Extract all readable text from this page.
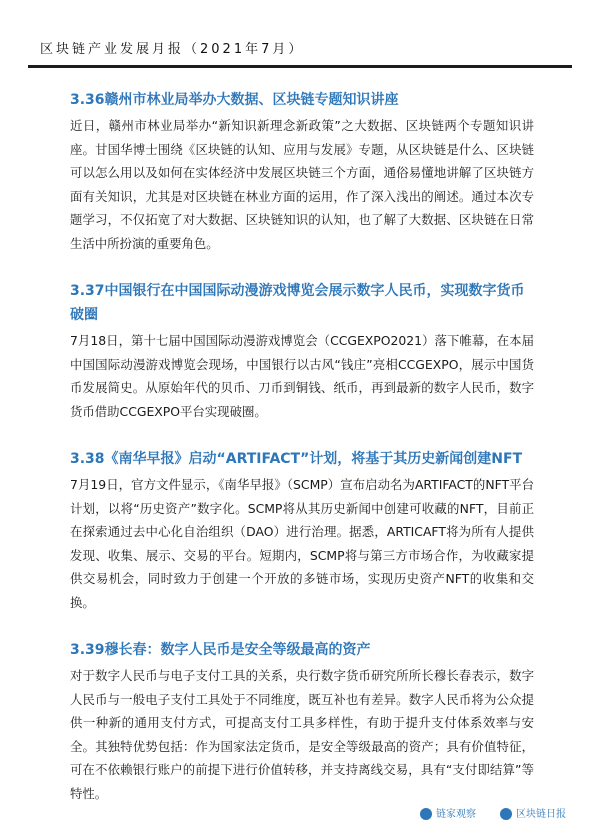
区块链产业发展月报（2021年7月）
3.36赣州市林业局举办大数据、区块链专题知识讲座

近日，赣州市林业局举办“新知识新理念新政策”之大数据、区块链两个专题知识讲座。甘国华博士围绕《区块链的认知、应用与发展》专题，从区块链是什么、区块链可以怎么用以及如何在实体经济中发展区块链三个方面，通俗易懂地讲解了区块链方面有关知识，尤其是对区块链在林业方面的运用，作了深入浅出的阐述。通过本次专题学习，不仅拓宽了对大数据、区块链知识的认知，也了解了大数据、区块链在日常生活中所扮演的重要角色。

3.37中国银行在中国国际动漫游戏博览会展示数字人民币，实现数字货币破圈

7月18日，第十七届中国国际动漫游戏博览会（CCGEXPO2021）落下帷幕，在本届中国国际动漫游戏博览会现场，中国银行以古风“钱庄”亮相CCGEXPO，展示中国货币发展简史。从原始年代的贝币、刀币到铜钱、纸币，再到最新的数字人民币，数字货币借助CCGEXPO平台实现破圈。

3.38《南华早报》启动“ARTIFACT”计划，将基于其历史新闻创建NFT

7月19日，官方文件显示，《南华早报》（SCMP）宣布启动名为ARTIFACT的NFT平台计划，以将“历史资产”数字化。SCMP将从其历史新闻中创建可收藏的NFT，目前正在探索通过去中心化自治组织（DAO）进行治理。据悉，ARTICAFT将为所有人提供发现、收集、展示、交易的平台。短期内，SCMP将与第三方市场合作，为收藏家提供交易机会，同时致力于创建一个开放的多链市场，实现历史资产NFT的收集和交换。

3.39穆长春：数字人民币是安全等级最高的资产

对于数字人民币与电子支付工具的关系，央行数字货币研究所所长穆长春表示，数字人民币与一般电子支付工具处于不同维度，既互补也有差异。数字人民币将为公众提供一种新的通用支付方式，可提高支付工具多样性，有助于提升支付体系效率与安全。其独特优势包括：作为国家法定货币，是安全等级最高的资产；具有价值特征，可在不依赖银行账户的前提下进行价值转移，并支持离线交易，具有“支付即结算”等特性。

链家观察	区块链日报
